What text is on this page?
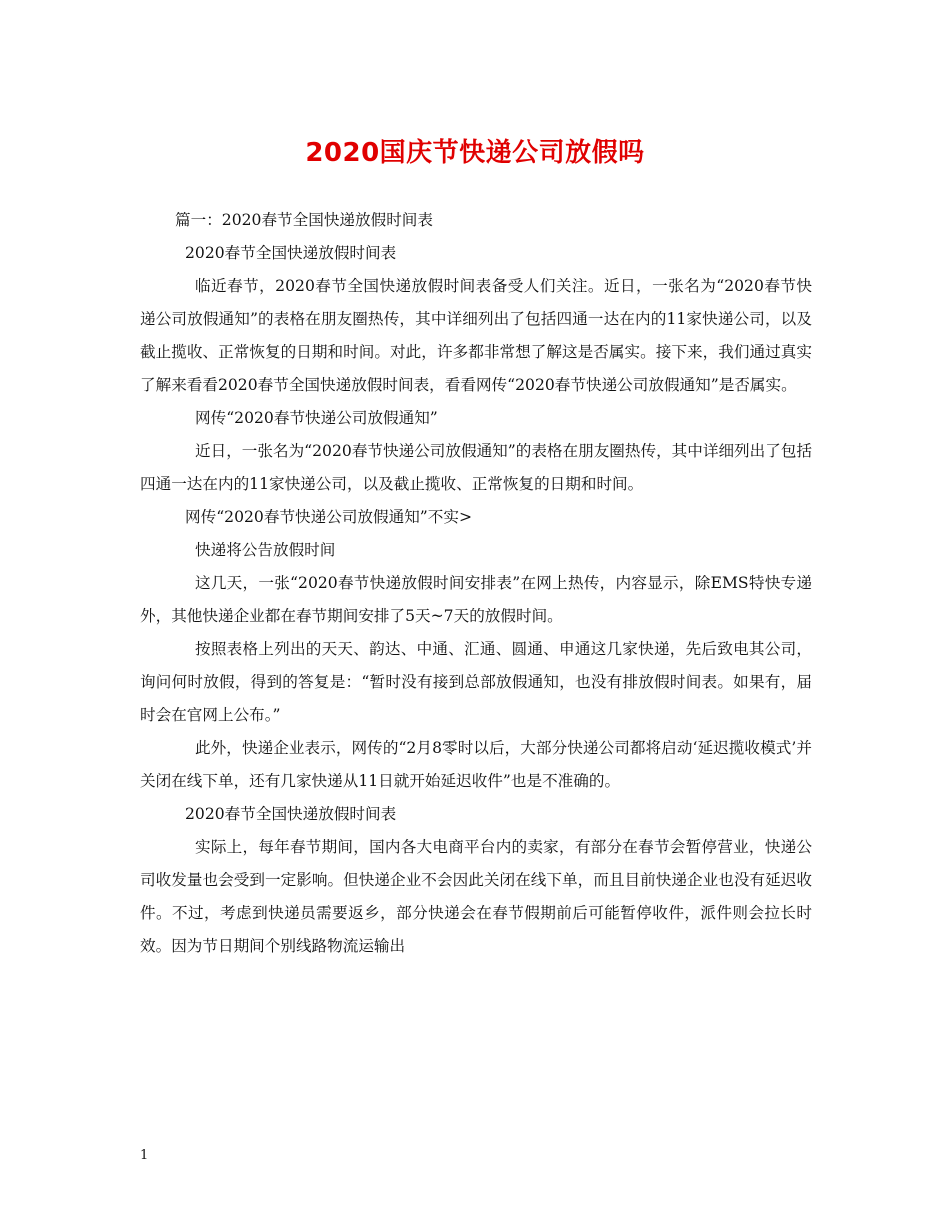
2020国庆节快递公司放假吗

篇一：2020春节全国快递放假时间表

2020春节全国快递放假时间表

临近春节，2020春节全国快递放假时间表备受人们关注。近日，一张名为“2020春节快递公司放假通知”的表格在朋友圈热传，其中详细列出了包括四通一达在内的11家快递公司，以及截止揽收、正常恢复的日期和时间。对此，许多都非常想了解这是否属实。接下来，我们通过真实了解来看看2020春节全国快递放假时间表，看看网传“2020春节快递公司放假通知”是否属实。

网传“2020春节快递公司放假通知”

近日，一张名为“2020春节快递公司放假通知”的表格在朋友圈热传，其中详细列出了包括四通一达在内的11家快递公司，以及截止揽收、正常恢复的日期和时间。

网传“2020春节快递公司放假通知”不实>

快递将公告放假时间

这几天，一张“2020春节快递放假时间安排表”在网上热传，内容显示，除EMS特快专递外，其他快递企业都在春节期间安排了5天~7天的放假时间。

按照表格上列出的天天、韵达、中通、汇通、圆通、申通这几家快递，先后致电其公司，询问何时放假，得到的答复是：“暂时没有接到总部放假通知，也没有排放假时间表。如果有，届时会在官网上公布。”

此外，快递企业表示，网传的“2月8零时以后，大部分快递公司都将启动‘延迟揽收模式’并关闭在线下单，还有几家快递从11日就开始延迟收件”也是不准确的。

2020春节全国快递放假时间表

实际上，每年春节期间，国内各大电商平台内的卖家，有部分在春节会暂停营业，快递公司收发量也会受到一定影响。但快递企业不会因此关闭在线下单，而且目前快递企业也没有延迟收件。不过，考虑到快递员需要返乡，部分快递会在春节假期前后可能暂停收件，派件则会拉长时效。因为节日期间个别线路物流运输出

1
